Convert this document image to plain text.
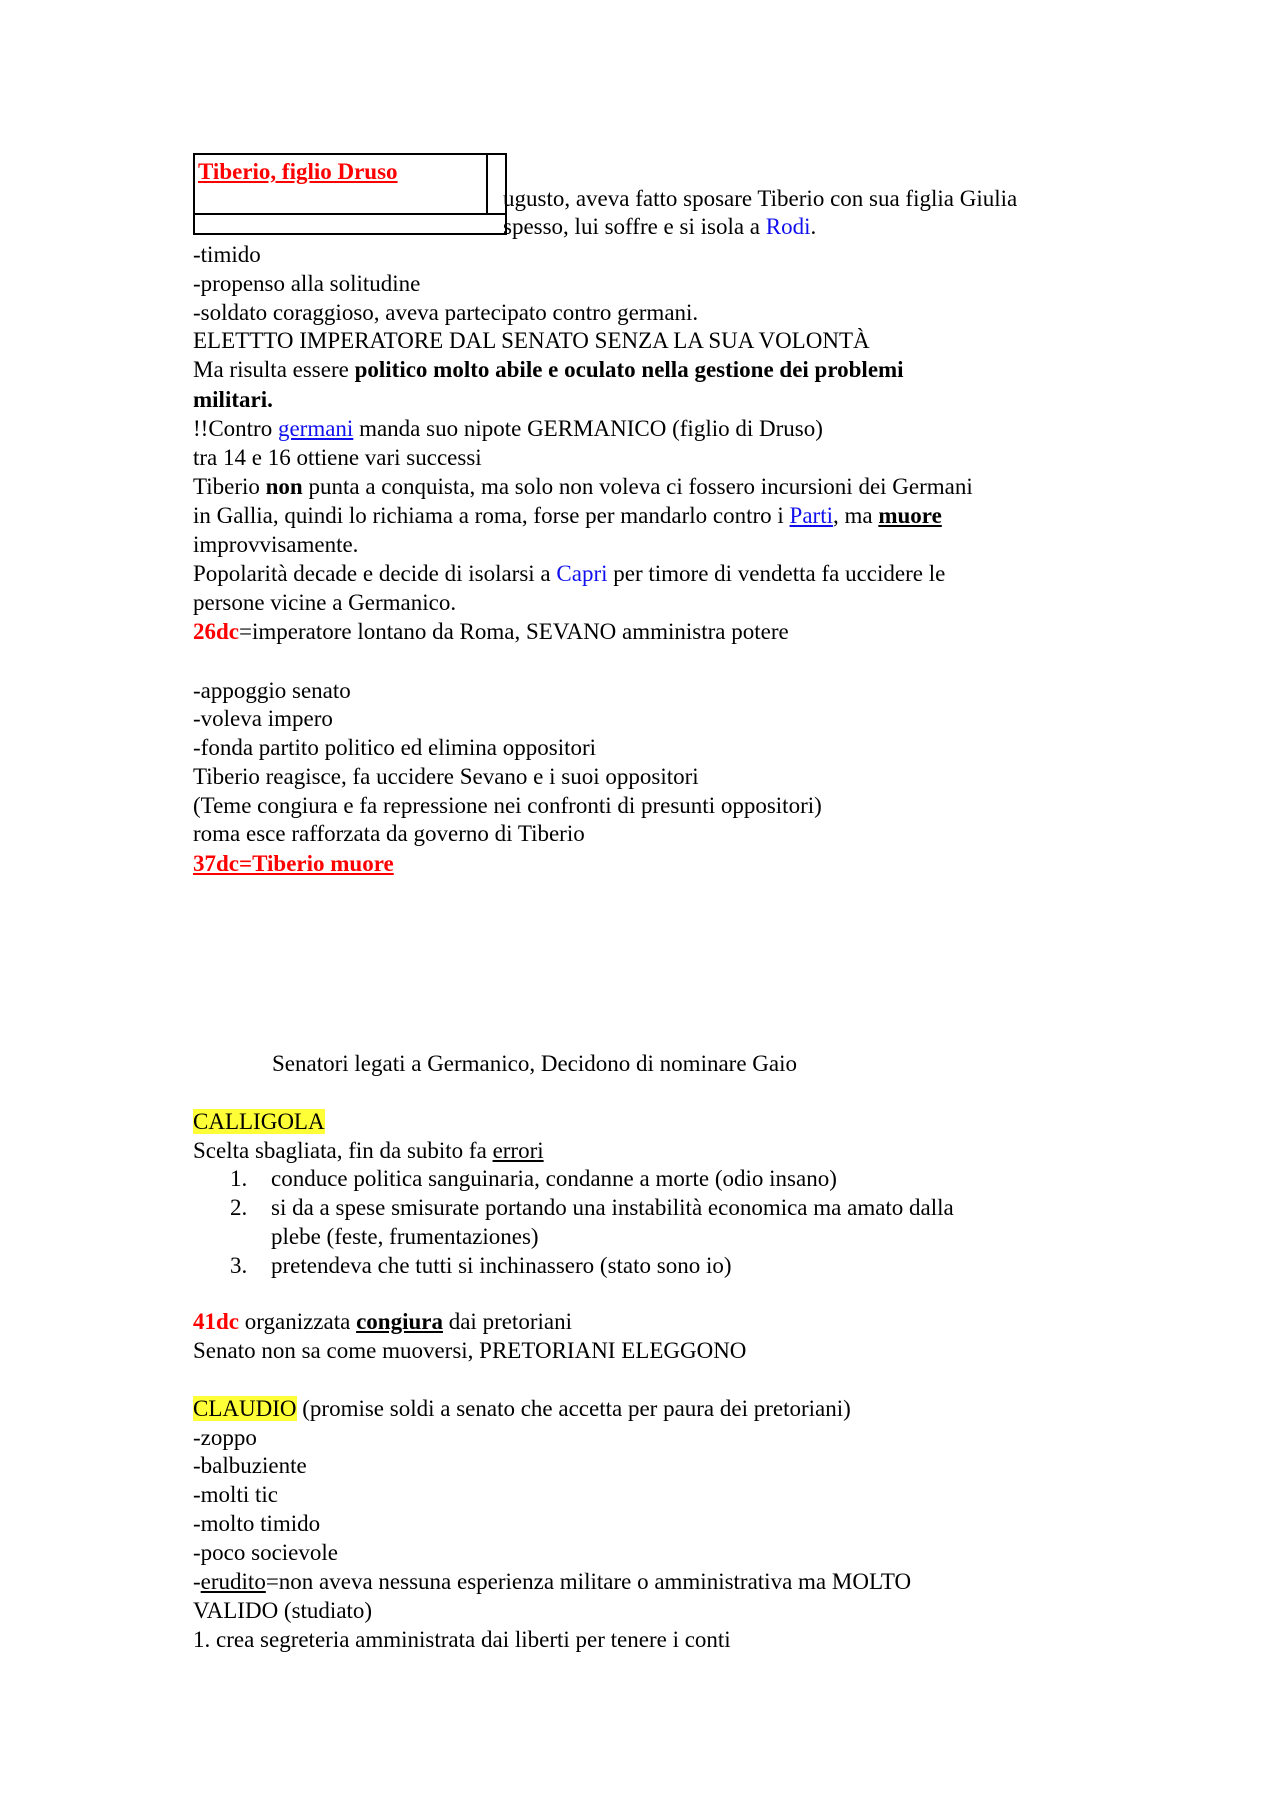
Tiberio, figlio Druso
ugusto, aveva fatto sposare Tiberio con sua figlia Giulia
spesso, lui soffre e si isola a Rodi.
-timido
-propenso alla solitudine
-soldato coraggioso, aveva partecipato contro germani.
ELETTTO IMPERATORE DAL SENATO SENZA LA SUA VOLONTÀ
Ma risulta essere politico molto abile e oculato nella gestione dei problemi
militari.
!!Contro germani manda suo nipote GERMANICO (figlio di Druso)
tra 14 e 16 ottiene vari successi
Tiberio non punta a conquista, ma solo non voleva ci fossero incursioni dei Germani
in Gallia, quindi lo richiama a roma, forse per mandarlo contro i Parti, ma muore
improvvisamente.
Popolarità decade e decide di isolarsi a Capri per timore di vendetta fa uccidere le
persone vicine a Germanico.
26dc=imperatore lontano da Roma, SEVANO amministra potere
-appoggio senato
-voleva impero
-fonda partito politico ed elimina oppositori
Tiberio reagisce, fa uccidere Sevano e i suoi oppositori
(Teme congiura e fa repressione nei confronti di presunti oppositori)
roma esce rafforzata da governo di Tiberio
37dc=Tiberio muore
Senatori legati a Germanico, Decidono di nominare Gaio
CALLIGOLA
Scelta sbagliata, fin da subito fa errori
1. conduce politica sanguinaria, condanne a morte (odio insano)
2. si da a spese smisurate portando una instabilità economica ma amato dalla
plebe (feste, frumentaziones)
3. pretendeva che tutti si inchinassero (stato sono io)
41dc organizzata congiura dai pretoriani
Senato non sa come muoversi, PRETORIANI ELEGGONO
CLAUDIO (promise soldi a senato che accetta per paura dei pretoriani)
-zoppo
-balbuziente
-molti tic
-molto timido
-poco socievole
-erudito=non aveva nessuna esperienza militare o amministrativa ma MOLTO
VALIDO (studiato)
1. crea segreteria amministrata dai liberti per tenere i conti
